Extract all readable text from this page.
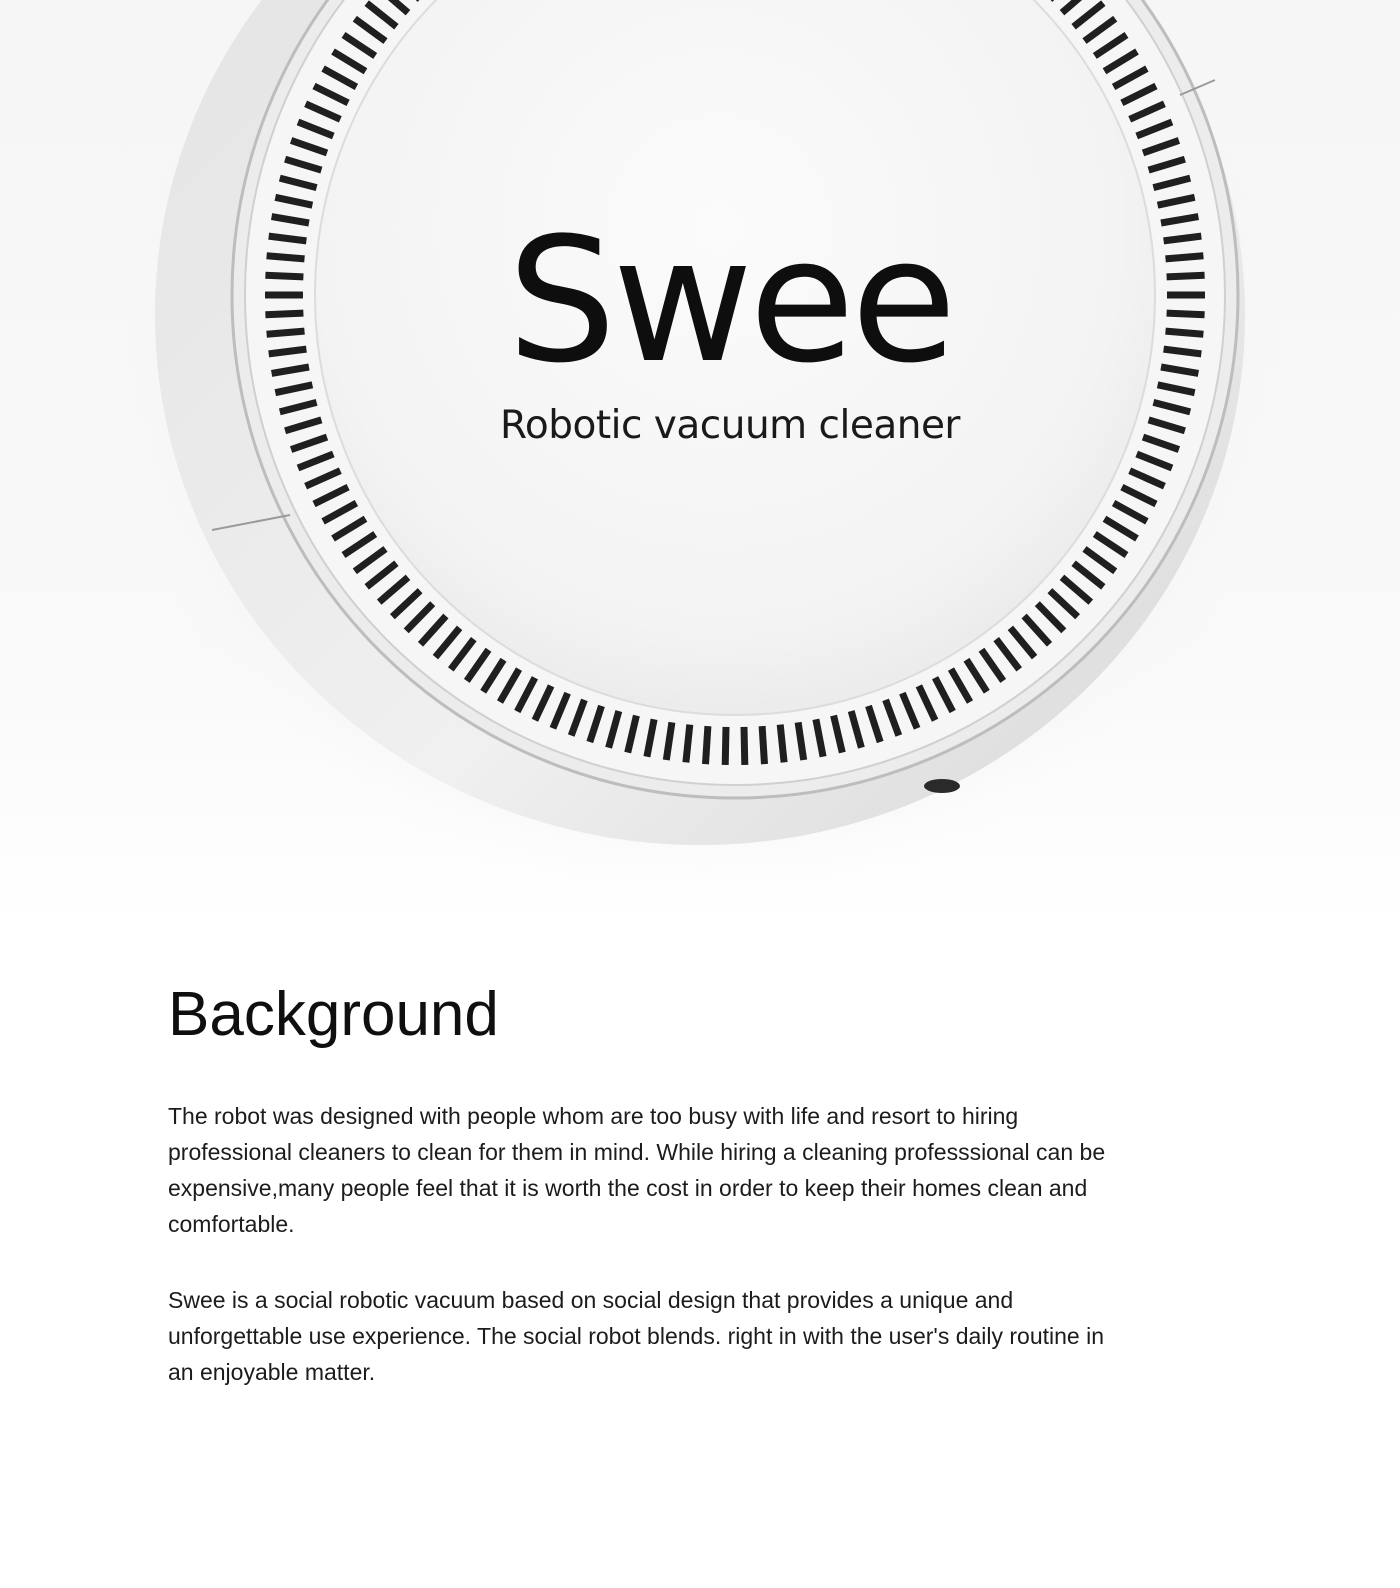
Swee

Robotic vacuum cleaner

Background

The robot was designed with people whom are too busy with life and resort to hiring professional cleaners to clean for them in mind. While hiring a cleaning professsional can be expensive,many people feel that it is worth the cost in order to keep their homes clean and comfortable.

Swee is a social robotic vacuum based on social design that provides a unique and unforgettable use experience. The social robot blends. right in with the user's daily routine in an enjoyable matter.
